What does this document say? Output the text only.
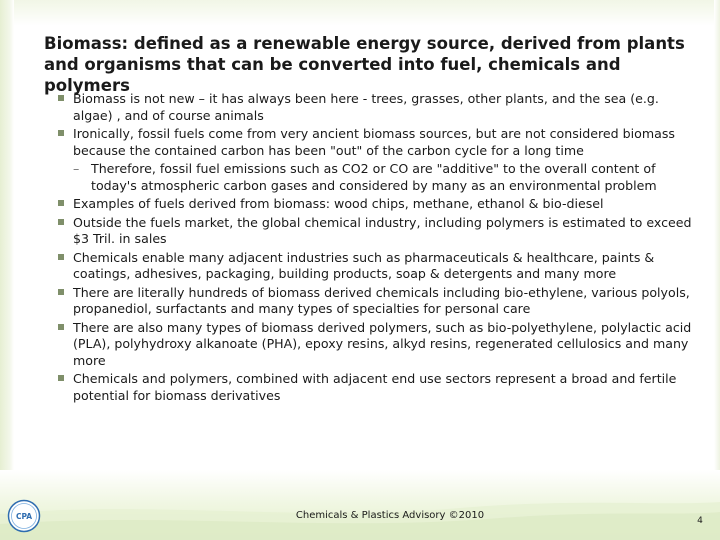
Biomass: defined as a renewable energy source, derived from plants and organisms that can be converted into fuel, chemicals and polymers
Biomass is not new – it has always been here - trees, grasses, other plants, and the sea (e.g. algae) , and of course animals
Ironically, fossil fuels come from very ancient biomass sources, but are not considered biomass because the contained carbon has been "out" of the carbon cycle for a long time
– Therefore, fossil fuel emissions such as CO2 or CO are "additive" to the overall content of today's atmospheric carbon gases and considered by many as an environmental problem
Examples of fuels derived from biomass: wood chips, methane, ethanol & bio-diesel
Outside the fuels market, the global chemical industry, including polymers is estimated to exceed $3 Tril. in sales
Chemicals enable many adjacent industries such as pharmaceuticals & healthcare, paints & coatings, adhesives, packaging, building products, soap & detergents and many more
There are literally hundreds of biomass derived chemicals including bio-ethylene, various polyols, propanediol, surfactants and many types of specialties for personal care
There are also many types of biomass derived polymers, such as bio-polyethylene, polylactic acid (PLA), polyhydroxy alkanoate (PHA), epoxy resins, alkyd resins, regenerated cellulosics and many more
Chemicals and polymers, combined with adjacent end use sectors represent a broad and fertile potential for biomass derivatives
CPA	Chemicals & Plastics Advisory ©2010	4
